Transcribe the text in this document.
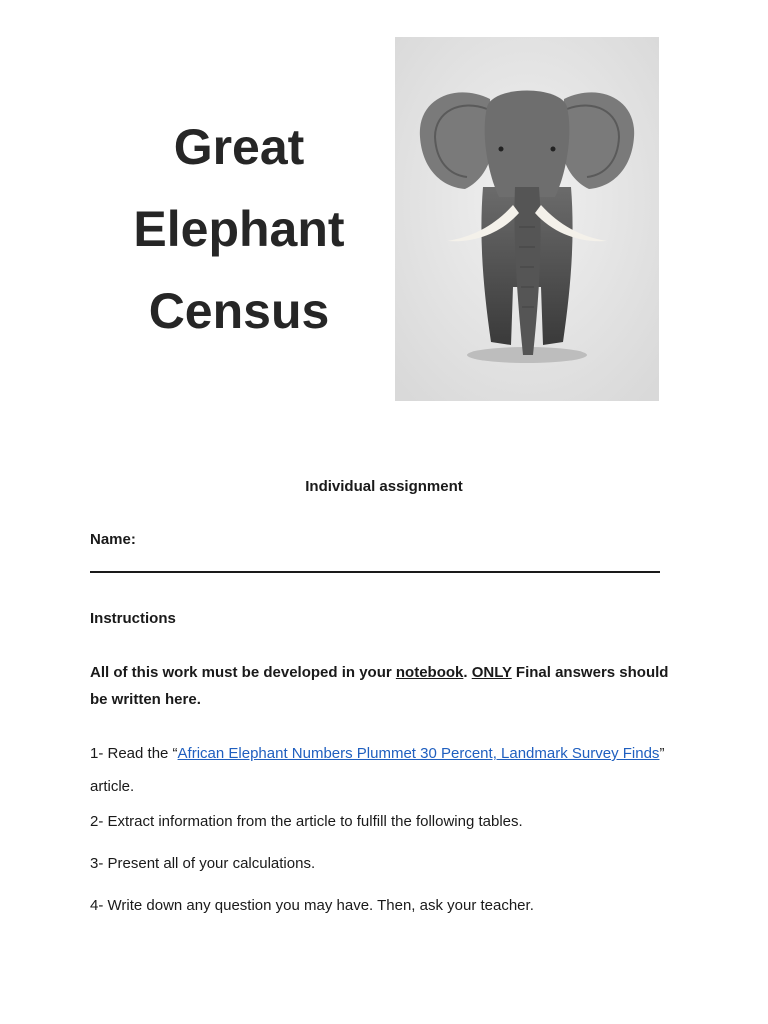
Great
Elephant
Census
Individual assignment
Name:
Instructions
All of this work must be developed in your notebook. ONLY Final answers should be written here.
1- Read the “African Elephant Numbers Plummet 30 Percent, Landmark Survey Finds” article.
2- Extract information from the article to fulfill the following tables.
3- Present all of your calculations.
4- Write down any question you may have. Then, ask your teacher.
